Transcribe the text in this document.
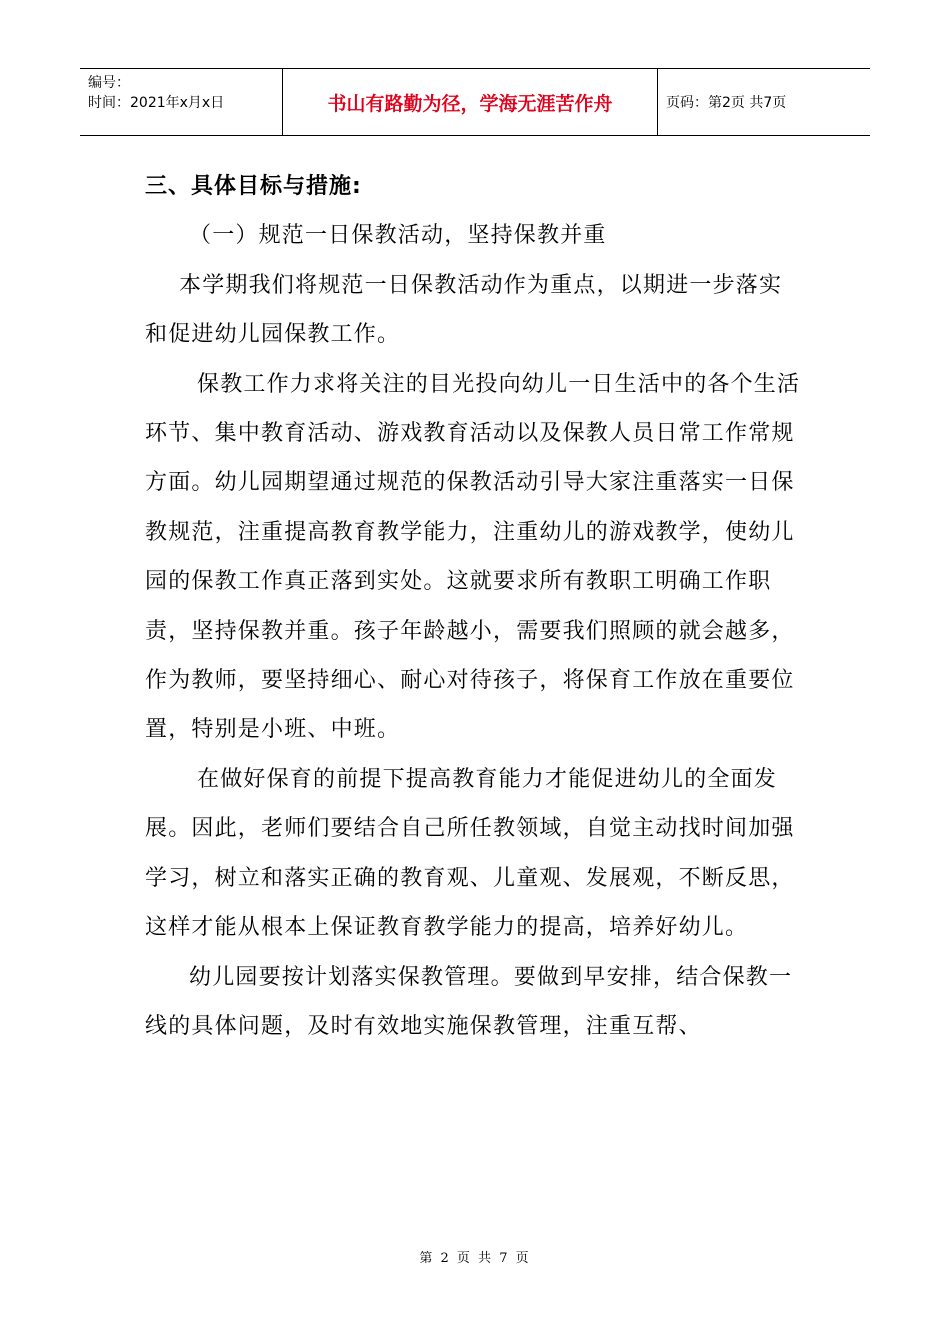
编号：
时间：2021年x月x日	书山有路勤为径，学海无涯苦作舟	页码：第2页 共7页

三、具体目标与措施:

（一）规范一日保教活动，坚持保教并重

本学期我们将规范一日保教活动作为重点，以期进一步落实和促进幼儿园保教工作。

保教工作力求将关注的目光投向幼儿一日生活中的各个生活环节、集中教育活动、游戏教育活动以及保教人员日常工作常规方面。幼儿园期望通过规范的保教活动引导大家注重落实一日保教规范，注重提高教育教学能力，注重幼儿的游戏教学，使幼儿园的保教工作真正落到实处。这就要求所有教职工明确工作职责，坚持保教并重。孩子年龄越小，需要我们照顾的就会越多，作为教师，要坚持细心、耐心对待孩子，将保育工作放在重要位置，特别是小班、中班。

在做好保育的前提下提高教育能力才能促进幼儿的全面发展。因此，老师们要结合自己所任教领域，自觉主动找时间加强学习，树立和落实正确的教育观、儿童观、发展观，不断反思，这样才能从根本上保证教育教学能力的提高，培养好幼儿。

幼儿园要按计划落实保教管理。要做到早安排，结合保教一线的具体问题，及时有效地实施保教管理，注重互帮、

第 2 页 共 7 页
